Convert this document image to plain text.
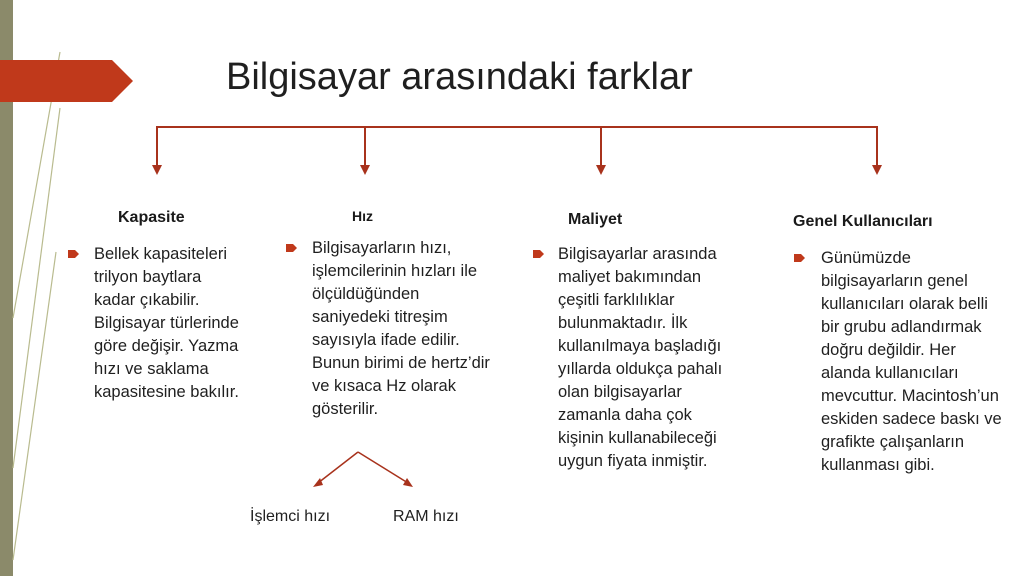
Bilgisayar arasındaki farklar
Kapasite	Hız	Maliyet	Genel Kullanıcıları
Bellek kapasiteleri trilyon baytlara kadar çıkabilir. Bilgisayar türlerinde göre değişir. Yazma hızı ve saklama kapasitesine bakılır.
Bilgisayarların hızı, işlemcilerinin hızları ile ölçüldüğünden saniyedeki titreşim sayısıyla ifade edilir. Bunun birimi de hertz’dir ve kısaca Hz olarak gösterilir.
Bilgisayarlar arasında maliyet bakımından çeşitli farklılıklar bulunmaktadır. İlk kullanılmaya başladığı yıllarda oldukça pahalı olan bilgisayarlar zamanla daha çok kişinin kullanabileceği uygun fiyata inmiştir.
Günümüzde bilgisayarların genel kullanıcıları olarak belli bir grubu adlandırmak doğru değildir. Her alanda kullanıcıları mevcuttur. Macintosh’un eskiden sadece baskı ve grafikte çalışanların kullanması gibi.
İşlemci hızı	RAM hızı
